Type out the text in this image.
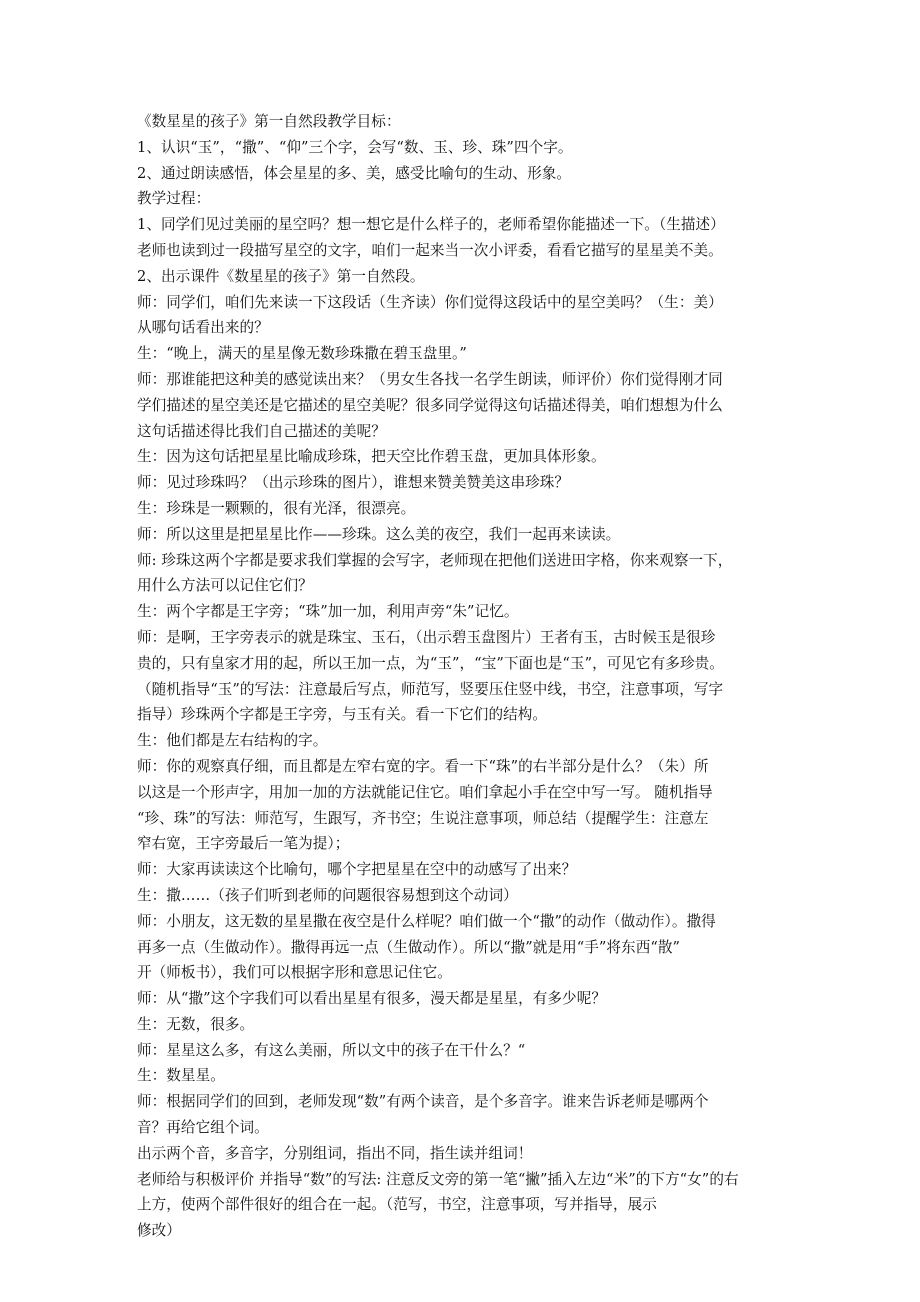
《数星星的孩子》第一自然段教学目标：
1、认识“玉”，“撒”、“仰”三个字，会写“数、玉、珍、珠”四个字。
2、通过朗读感悟，体会星星的多、美，感受比喻句的生动、形象。
教学过程：
1、同学们见过美丽的星空吗？想一想它是什么样子的，老师希望你能描述一下。（生描述）
老师也读到过一段描写星空的文字，咱们一起来当一次小评委，看看它描写的星星美不美。
2、出示课件《数星星的孩子》第一自然段。
师：同学们，咱们先来读一下这段话（生齐读）你们觉得这段话中的星空美吗？（生：美）
从哪句话看出来的？
生：“晚上，满天的星星像无数珍珠撒在碧玉盘里。”
师：那谁能把这种美的感觉读出来？（男女生各找一名学生朗读，师评价）你们觉得刚才同
学们描述的星空美还是它描述的星空美呢？很多同学觉得这句话描述得美，咱们想想为什么
这句话描述得比我们自己描述的美呢？
生：因为这句话把星星比喻成珍珠，把天空比作碧玉盘，更加具体形象。
师：见过珍珠吗？（出示珍珠的图片），谁想来赞美赞美这串珍珠？
生：珍珠是一颗颗的，很有光泽，很漂亮。
师：所以这里是把星星比作——珍珠。这么美的夜空，我们一起再来读读。
师: 珍珠这两个字都是要求我们掌握的会写字，老师现在把他们送进田字格，你来观察一下，
用什么方法可以记住它们？
生：两个字都是王字旁；“珠”加一加，利用声旁“朱”记忆。
师：是啊，王字旁表示的就是珠宝、玉石，（出示碧玉盘图片）王者有玉，古时候玉是很珍
贵的，只有皇家才用的起，所以王加一点，为“玉”，“宝”下面也是“玉”，可见它有多珍贵。
（随机指导“玉”的写法：注意最后写点，师范写，竖要压住竖中线，书空，注意事项，写字
指导）珍珠两个字都是王字旁，与玉有关。看一下它们的结构。
生：他们都是左右结构的字。
师：你的观察真仔细，而且都是左窄右宽的字。看一下“珠”的右半部分是什么？（朱）所
以这是一个形声字，用加一加的方法就能记住它。咱们拿起小手在空中写一写。 随机指导
“珍、珠”的写法：师范写，生跟写，齐书空；生说注意事项，师总结（提醒学生：注意左
窄右宽，王字旁最后一笔为提）；
师：大家再读读这个比喻句，哪个字把星星在空中的动感写了出来？
生：撒……（孩子们听到老师的问题很容易想到这个动词）
师：小朋友，这无数的星星撒在夜空是什么样呢？咱们做一个“撒”的动作（做动作）。撒得
再多一点（生做动作）。撒得再远一点（生做动作）。所以“撒”就是用“手”将东西“散”
开（师板书），我们可以根据字形和意思记住它。
师：从“撒”这个字我们可以看出星星有很多，漫天都是星星，有多少呢？
生：无数，很多。
师：星星这么多，有这么美丽，所以文中的孩子在干什么？“
生：数星星。
师：根据同学们的回到，老师发现“数”有两个读音，是个多音字。谁来告诉老师是哪两个
音？再给它组个词。
出示两个音，多音字，分别组词，指出不同，指生读并组词！
老师给与积极评价 并指导“数”的写法: 注意反文旁的第一笔“撇”插入左边“米”的下方“女”的右
上方，使两个部件很好的组合在一起。（范写，书空，注意事项，写并指导，展示
修改）
